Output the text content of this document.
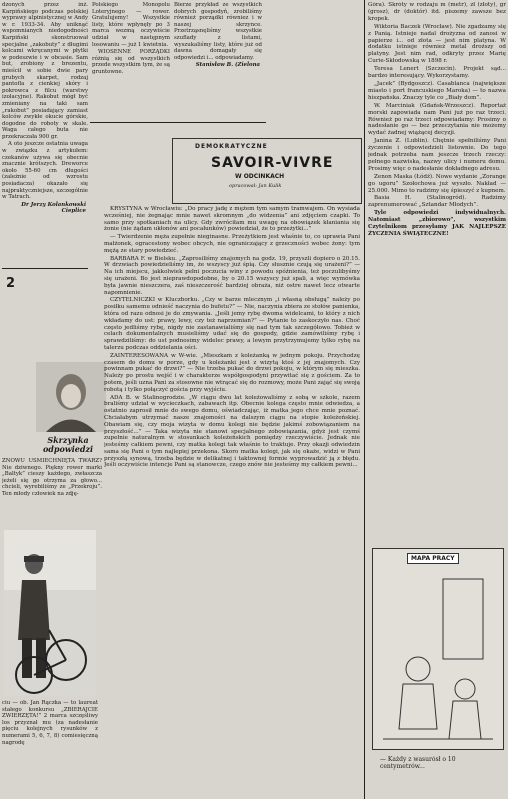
dzonych przez inż. Karpińskiego podczas polskiej wyprawy alpinistycznej w Andy w r. 1933-34. Aby uniknąć wspomnianych niedogodności Karpiński skonstruował specjalne „zakobuty” z długimi kolcami wkręcanymi w płytki w podeszwie i w obcasie. Sam but, zrobiony z brezentu, mieścił w sobie dwie pary grubych skarpet, rodzaj pantofla z cienkiej skóry i pokrowca z filcu (warstwy izolacyjne). Rakobut mógł być zmieniany na taki sam „rakobut” posiadający zamiast kolców zwykłe okucie górskie, dogodne do roboty w skale. Waga całego buta nie przekraczała 900 gr.

A oto jeszcze ostatnia uwaga w związku z artykułem: czekanów używa się obecnie znacznie krótszych. Dreworce około 55-60 cm długości (zależnie od wzrostu posiadacza) okazało się najpraktyczniejsze, szczególnie w Tatrach.

Dr Jerzy Kolankowski Cieplice
2
Skrzynka odpowiedzi

ZNOWU UŚMIECHNIĘTA TWARZ? Nie dziwnego. Piękny rower marki „Baltyk” cieszy każdego, zwłaszcza jeżeli się go otrzyma za głowo... chcieli, wyrebiliśmy ze „Przekroju”. Ten młody człowiek na zdję-

ciu — ob. Jan Rączka — to laureat stałego konkursu „ZBIERAJCIE ZWIERZĘTA!” 2 marca szczęśliwy los przyznał mu (za nadesłanie pięciu kolejnych rysunków z numerami 5, 6, 7, 8) comiesięczną nagrodę

Polskiego Monopolu Loteryjnego — rower. Gratulujemy! Wszystkie listy, które wpłynęły po 3 marca wezmą oczywiście udział w następnym losowaniu — już 1 kwietnia.

WIOSENNE PORZĄDKI różnią się od wszystkich przede wszystkim tym, że są gruntowne.

Bierze przykład ze wszystkich dobrych gospodyń, zrobiliśmy również porządki równiez i w naszej skrzynce. Przetrząsnęliśmy wszystkie szuflady z listami, wyszukaliśmy listy, które już od dawna domagały się odpowiedzi i... odpowiadamy.

Stanisław B. (Zielona
DEMOKRATYCZNE
SAVOIR-VIVRE
W ODCINKACH
opracował: Jan Kulik

KRYSTYNA w Wrocławiu: „Do pracy jadę z mężem tym samym tramwajem. On wysiada wcześniej, nie żegnając mnie nawet skromnym „do widzenia” ani zdjęciem czapki. To samo przy spotkaniach na ulicy. Gdy zwróciłam mu uwagę na obowiązek kłaniania się żonie (nie żądam ukłonów ani pocałunków) powiedział, że to przeżytki...”

— Twierdzenie męża zupełnie nieginasne. Przeżytkiem jest właśnie to, co uprawia Pani małżonek, ogracestony wobec obcych, nie ograniczający z grzeczności wobec żony: tym mężą ze stary powiedzieć.

BARBARA F. w Bielsku. „Zaprosiliśmy znajomych na godz. 19, przyszli dopiero o 20.15. W drzwiach powiedzieliśmy im, że wszyscy już śpią. Czy słusznie czują się urażeni?” — Na ich miejscu, jakkolwiek pełni poczucia winy z powodu spóźnienia, też poczulibyśmy się urażeni. Bo jest nieprawdopodobne, by o 20.15 wszyscy już spali, a więc wymówka była jawnie nieszczera, zaś nieszczerość bardziej obraża, niż ostre nawet lecz otwarte napomnienie.

CZYTELNICZKI w Kluczborku. „Czy w barze mlecznym „i własną obsługą” należy po posiłku samemu odnieść naczynia do bufetu?” — Nie, naczynia zbiera ze stołów panienka, która od razu odnosi je do zmywania. „Jeśli jemy rybę dwoma widelcami, to który z nich wkładamy do ust: prawy, lewy, czy też naprzemian?” — Pytanie to zaskoczyło nas. Choć często jedliśmy rybę, nigdy nie zastanawialiśmy się nad tym tak szczegółowo. Tobież w celach dokumentalnych musieliśmy udać się do gospody, gdzie zamówiliśmy rybę i sprawdziliśmy: do ust podnosimy widelec prawy, a lewym przytrzymujemy tylko rybę na talerzu podczas oddzielania ości.

ZAINTERESOWANA w W-wie. „Mieszkam z koleżanką w jednym pokoju. Przychodzę czasem do domu w porze, gdy u koleżanki jest z wizytą ktoś z jej znajomych. Czy powinnam pukać do drzwi?” — Nie trzeba pukać do drzwi pokoju, w którym się mieszka. Należy po prostu wejść i w charakterze współgospodyni przywitać się z gościem. Za to potem, jeśli uzna Pani za stosowne nie wtrącać się do rozmowy, może Pani zająć się swoją robotą i tylko połączyć gościa przy wyjściu.

ADA B. w Stalinogrodzie. „W ciągu dwu lat koleżowaliśmy z sobą w szkole, razem braliśmy udział w wycieczkach, zabawach itp. Obecnie kolega często mnie odwiedza, a ostatnio zaprosił mnie do swego domu, oświadczając, iż matka jego chce mnie poznać. Chciałabym utrzymać nasze znajomości na dalszym ciągu na stopie koleżeńskiej. Obawiam się, czy moja wizyta w domu kolegi nie będzie jakimś zobowiązaniem na przyszłość...” — Taka wizyta nie stanowi specjalnego zobowiązania, gdyż jest czymś zupełnie naturalnym w stosunkach koleżeńskich pomiędzy rzeczywiście. Jednak nie jesteśmy całkiem pewni, czy matka kolegi tak właśnie to traktuje. Przy okazji odwiedzin sama się Pani o tym najlepiej przekona. Skoro matka kolegi, jak się okaże, widzi w Pani przyszłą synową, trzeba będzie w delikatnej i taktownej formie wyprowadzić ją z błędu. Jeśli oczywiście intencje Pani są stanowcze, czego znów nie jesteśmy my całkiem pewni...

Góra). Skróty w rodzaju m (metr), zł (złoty), gr (grosz), dr (doktór) itd. piszemy zawsze bez kropek.

Wiktoria Baczek (Wrocław). Nie zgadzamy się z Panią. Istnieje nadal drożyzna od zanosi w papierze i... od złota — jest nim platyna. W dodatku istnieje również metal droższy od platyny. Jest nim rad, odkryty przez Marię Curie-Skłodowską w 1898 r.

Teresa Lenert (Szczecin). Projekt sąd... bardzo interesujący. Wykorzystamy.

„Jacek” (Bydgoszcz). Casablanca (największe miasto i port francuskiego Maroka) — to nazwa hiszpańska. Znaczy tyle co „Biały dom”.

W. Marciniak (Gdańsk-Wrzeszcz). Reportaż morski zapowiada nam Pani już po raz trzeci. Również po raz trzeci odpowiadamy: Prosimy o nadesłanie go — bez przeczytania nie możemy wydać żadnej wiążącej decyzji.

Janina Z. (Lublin). Chętnie spełniliśmy Pani życzenie i odpowiedzieli listownie. Do tego jednak potrzeba nam jeszcze trzech rzeczy: pełnego nazwiska, nazwy ulicy i numeru domu. Prosimy więc o nadesłanie dokładnego adresu.

Zenon Maska (Łódź). Nowe wydanie „Zorange go ugoru” Szołochowa już wyszło. Nakład — 25.000. Mimo to radzimy się śpieszyć z kupnem.

Basia H. (Stalinogród). Radzimy zaprenumerować „Sztandar Młodych”.

Tyle odpowiedzi indywidualnych. Natomiast „zbiorowo”, wszystkim Czytelnikom przesyłamy JAK NAJLEPSZE ŻYCZENIA ŚWIĄTECZNE!

MAPA PRACY
— Każdy z wasurósł o 10 centymetrów...
